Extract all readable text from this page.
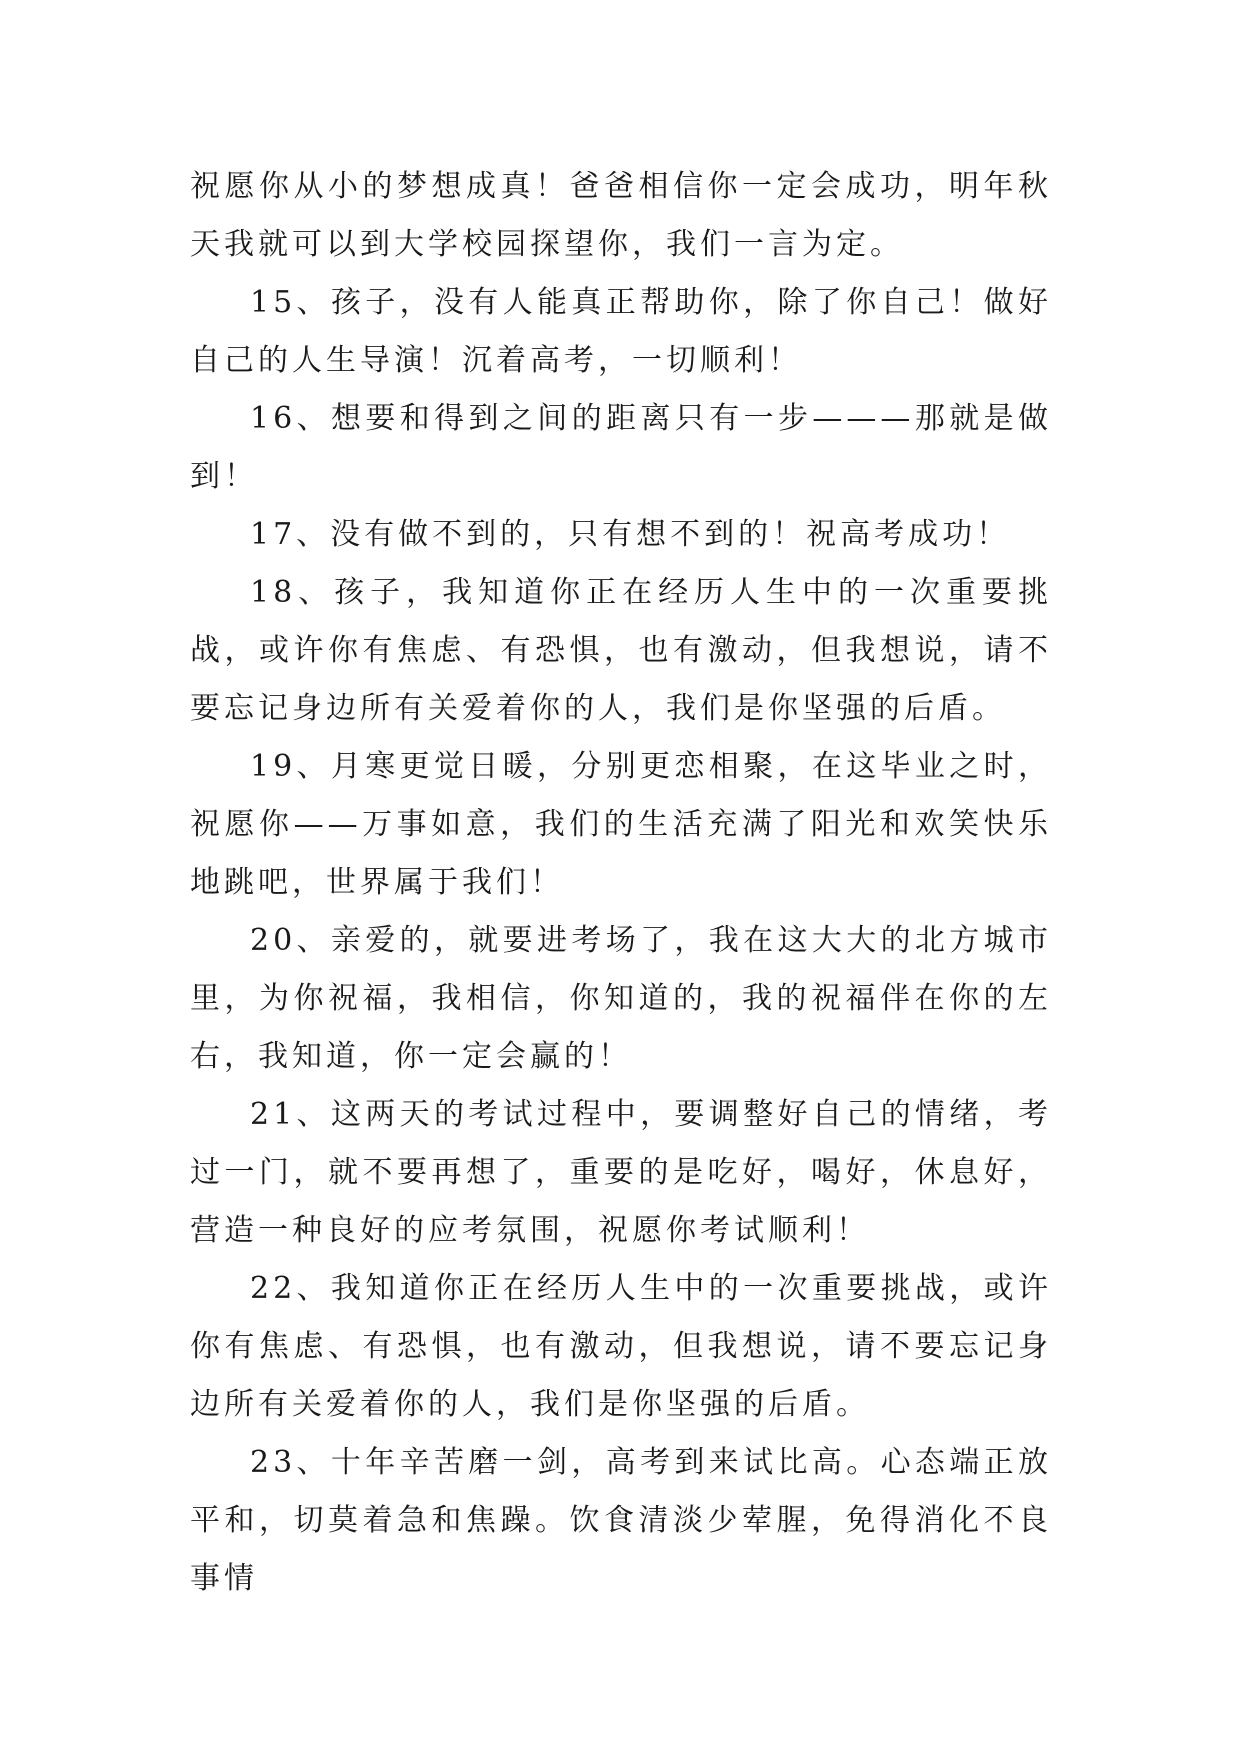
祝愿你从小的梦想成真！爸爸相信你一定会成功，明年秋天我就可以到大学校园探望你，我们一言为定。

15、孩子，没有人能真正帮助你，除了你自己！做好自己的人生导演！沉着高考，一切顺利！

16、想要和得到之间的距离只有一步———那就是做到！

17、没有做不到的，只有想不到的！祝高考成功！

18、孩子，我知道你正在经历人生中的一次重要挑战，或许你有焦虑、有恐惧，也有激动，但我想说，请不要忘记身边所有关爱着你的人，我们是你坚强的后盾。

19、月寒更觉日暖，分别更恋相聚，在这毕业之时，祝愿你——万事如意，我们的生活充满了阳光和欢笑快乐地跳吧，世界属于我们！

20、亲爱的，就要进考场了，我在这大大的北方城市里，为你祝福，我相信，你知道的，我的祝福伴在你的左右，我知道，你一定会赢的！

21、这两天的考试过程中，要调整好自己的情绪，考过一门，就不要再想了，重要的是吃好，喝好，休息好，营造一种良好的应考氛围，祝愿你考试顺利！

22、我知道你正在经历人生中的一次重要挑战，或许你有焦虑、有恐惧，也有激动，但我想说，请不要忘记身边所有关爱着你的人，我们是你坚强的后盾。

23、十年辛苦磨一剑，高考到来试比高。心态端正放平和，切莫着急和焦躁。饮食清淡少荤腥，免得消化不良事情
